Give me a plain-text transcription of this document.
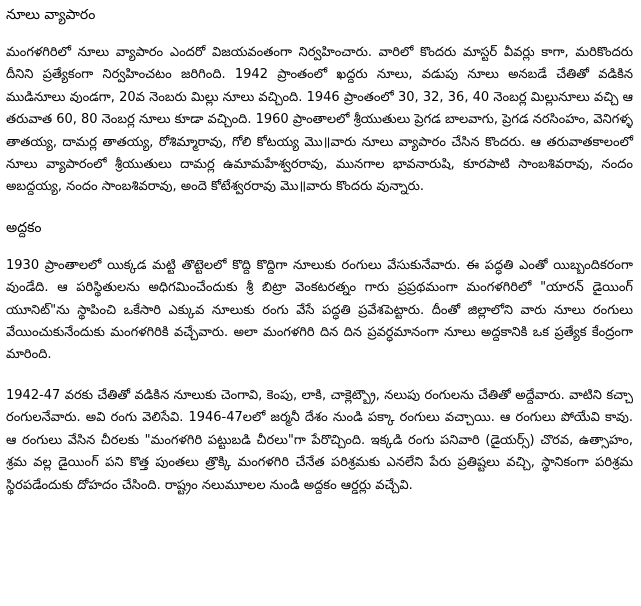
నూలు వ్యాపారం

మంగళగిరిలో నూలు వ్యాపారం ఎందరో విజయవంతంగా నిర్వహించారు. వారిలో కొందరు మాస్టర్ వీవర్లు కాగా, మరికొందరు దీనిని ప్రత్యేకంగా నిర్వహించటం జరిగింది. 1942 ప్రాంతంలో ఖద్దరు నూలు, వడుపు నూలు అనబడే చేతితో వడికిన ముడినూలు వుండగా, 20వ నెంబరు మిల్లు నూలు వచ్చింది. 1946 ప్రాంతంలో 30, 32, 36, 40 నెంబర్ల మిల్లునూలు వచ్చి ఆ తరువాత 60, 80 నెంబర్ల నూలు కూడా వచ్చింది. 1960 ప్రాంతాలలో శ్రీయుతులు ప్రెగడ బాలవాగు, ప్రెగడ నరసింహం, వెనిగళ్ళ తాతయ్య, దామర్ల తాతయ్య, రోశిమ్మారావు, గోలి కోటయ్య మొ॥వారు నూలు వ్యాపారం చేసిన కొందరు. ఆ తరువాతకాలంలో నూలు వ్యాపారంలో శ్రీయుతులు దామర్ల ఉమామహేశ్వరరావు, మునగాల భావనారుషి, కూరపాటి సాంబశివరావు, నందం అబద్దయ్య, నందం సాంబశివరావు, అందె కోటేశ్వరరావు మొ॥వారు కొందరు వున్నారు.

అద్దకం

1930 ప్రాంతాలలో యిక్కడ మట్టి తొట్టెలలో కొద్ది కొద్దిగా నూలుకు రంగులు వేసుకునేవారు. ఈ పద్ధతి ఎంతో యిబ్బందికరంగా వుండేది. ఆ పరిస్థితులను అధిగమించేందుకు శ్రీ బిట్రా వెంకటరత్నం గారు ప్రప్రథమంగా మంగళగిరిలో "యారన్ డైయింగ్ యూనిట్"ను స్థాపించి ఒకేసారి ఎక్కువ నూలుకు రంగు వేసే పద్ధతి ప్రవేశపెట్టారు. దీంతో జిల్లాలోని వారు నూలు రంగులు వేయించుకునేందుకు మంగళగిరికి వచ్చేవారు. అలా మంగళగిరి దిన దిన ప్రవర్ధమానంగా నూలు అద్దకానికి ఒక ప్రత్యేక కేంద్రంగా మారింది.

1942-47 వరకు చేతితో వడికిన నూలుకు చెంగావి, కెంపు, లాకి, చాక్లెట్బ్రౌ, నలుపు రంగులను చేతితో అద్దేవారు. వాటిని కచ్చా రంగులనేవారు. అవి రంగు వెలిసేవి. 1946-47లలో జర్మనీ దేశం నుండి పక్కా రంగులు వచ్చాయి. ఆ రంగులు పోయేవి కావు. ఆ రంగులు వేసిన చీరలకు "మంగళగిరి పట్టుబడి చీరలు"గా పేరొచ్చింది. ఇక్కడి రంగు పనివారి (డైయర్స్) చొరవ, ఉత్సాహం, శ్రమ వల్ల డైయింగ్ పని కొత్త పుంతలు త్రొక్కి మంగళగిరి చేనేత పరిశ్రమకు ఎనలేని పేరు ప్రతిష్టలు వచ్చి, స్థానికంగా పరిశ్రమ స్థిరపడేందుకు దోహదం చేసింది. రాష్ట్రం నలుమూలల నుండి అద్దకం ఆర్డర్లు వచ్చేవి.
